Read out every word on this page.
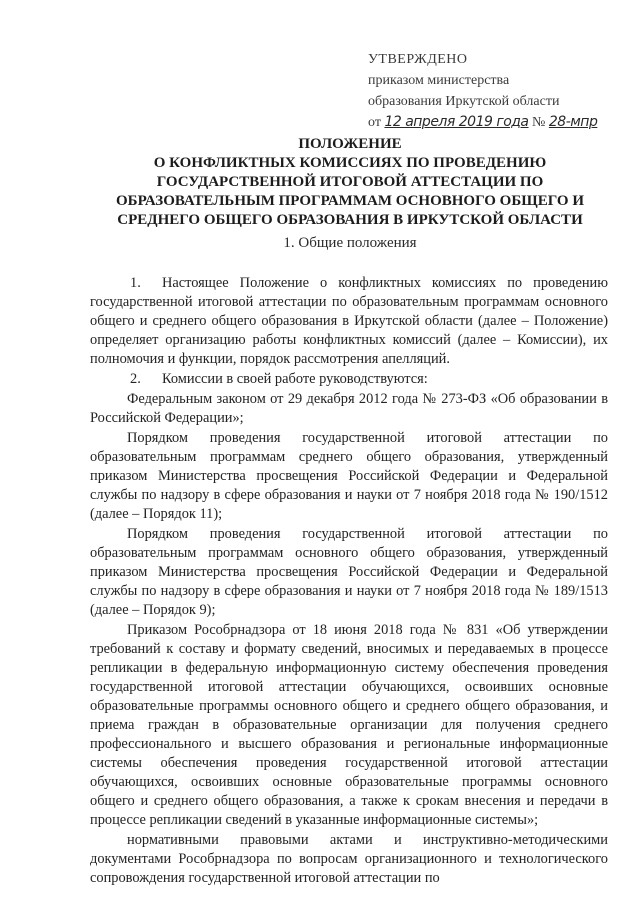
УТВЕРЖДЕНО
приказом министерства
образования Иркутской области
от 12 апреля 2019 года № 28-мпр
ПОЛОЖЕНИЕ
О КОНФЛИКТНЫХ КОМИССИЯХ ПО ПРОВЕДЕНИЮ
ГОСУДАРСТВЕННОЙ ИТОГОВОЙ АТТЕСТАЦИИ ПО
ОБРАЗОВАТЕЛЬНЫМ ПРОГРАММАМ ОСНОВНОГО ОБЩЕГО И
СРЕДНЕГО ОБЩЕГО ОБРАЗОВАНИЯ В ИРКУТСКОЙ ОБЛАСТИ
1. Общие положения

1. Настоящее Положение о конфликтных комиссиях по проведению государственной итоговой аттестации по образовательным программам основного общего и среднего общего образования в Иркутской области (далее – Положение) определяет организацию работы конфликтных комиссий (далее – Комиссии), их полномочия и функции, порядок рассмотрения апелляций.

2. Комиссии в своей работе руководствуются:

Федеральным законом от 29 декабря 2012 года № 273-ФЗ «Об образовании в Российской Федерации»;

Порядком проведения государственной итоговой аттестации по образовательным программам среднего общего образования, утвержденный приказом Министерства просвещения Российской Федерации и Федеральной службы по надзору в сфере образования и науки от 7 ноября 2018 года № 190/1512 (далее – Порядок 11);

Порядком проведения государственной итоговой аттестации по образовательным программам основного общего образования, утвержденный приказом Министерства просвещения Российской Федерации и Федеральной службы по надзору в сфере образования и науки от 7 ноября 2018 года № 189/1513 (далее – Порядок 9);

Приказом Рособрнадзора от 18 июня 2018 года № 831 «Об утверждении требований к составу и формату сведений, вносимых и передаваемых в процессе репликации в федеральную информационную систему обеспечения проведения государственной итоговой аттестации обучающихся, освоивших основные образовательные программы основного общего и среднего общего образования, и приема граждан в образовательные организации для получения среднего профессионального и высшего образования и региональные информационные системы обеспечения проведения государственной итоговой аттестации обучающихся, освоивших основные образовательные программы основного общего и среднего общего образования, а также к срокам внесения и передачи в процессе репликации сведений в указанные информационные системы»;

нормативными правовыми актами и инструктивно-методическими документами Рособрнадзора по вопросам организационного и технологического сопровождения государственной итоговой аттестации по
